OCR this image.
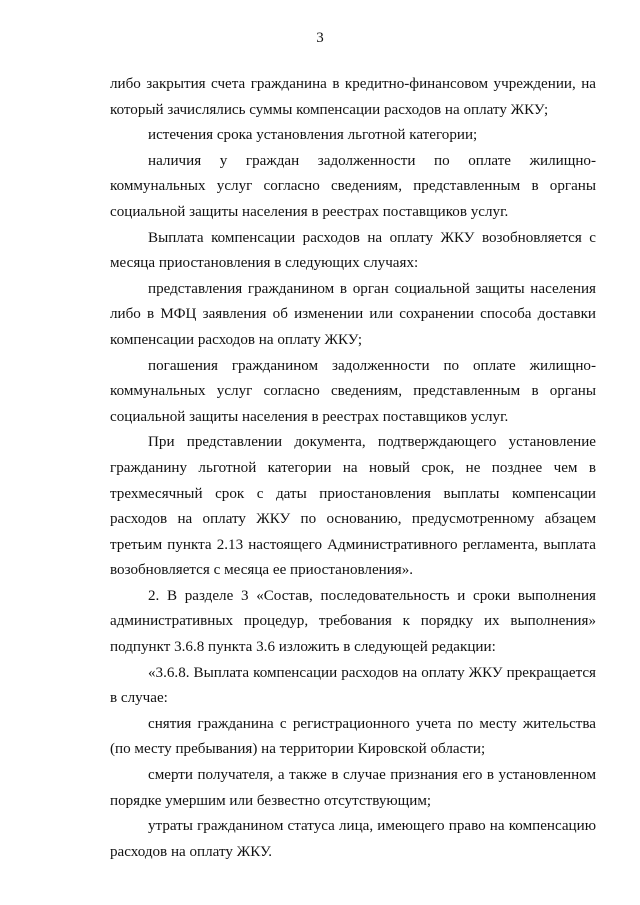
3

либо закрытия счета гражданина в кредитно-финансовом учреждении, на который зачислялись суммы компенсации расходов на оплату ЖКУ;

истечения срока установления льготной категории;

наличия у граждан задолженности по оплате жилищно-коммунальных услуг согласно сведениям, представленным в органы социальной защиты населения в реестрах поставщиков услуг.

Выплата компенсации расходов на оплату ЖКУ возобновляется с месяца приостановления в следующих случаях:

представления гражданином в орган социальной защиты населения либо в МФЦ заявления об изменении или сохранении способа доставки компенсации расходов на оплату ЖКУ;

погашения гражданином задолженности по оплате жилищно-коммунальных услуг согласно сведениям, представленным в органы социальной защиты населения в реестрах поставщиков услуг.

При представлении документа, подтверждающего установление гражданину льготной категории на новый срок, не позднее чем в трехмесячный срок с даты приостановления выплаты компенсации расходов на оплату ЖКУ по основанию, предусмотренному абзацем третьим пункта 2.13 настоящего Административного регламента, выплата возобновляется с месяца ее приостановления».

2. В разделе 3 «Состав, последовательность и сроки выполнения административных процедур, требования к порядку их выполнения» подпункт 3.6.8 пункта 3.6 изложить в следующей редакции:

«3.6.8. Выплата компенсации расходов на оплату ЖКУ прекращается в случае:

снятия гражданина с регистрационного учета по месту жительства (по месту пребывания) на территории Кировской области;

смерти получателя, а также в случае признания его в установленном порядке умершим или безвестно отсутствующим;

утраты гражданином статуса лица, имеющего право на компенсацию расходов на оплату ЖКУ.
